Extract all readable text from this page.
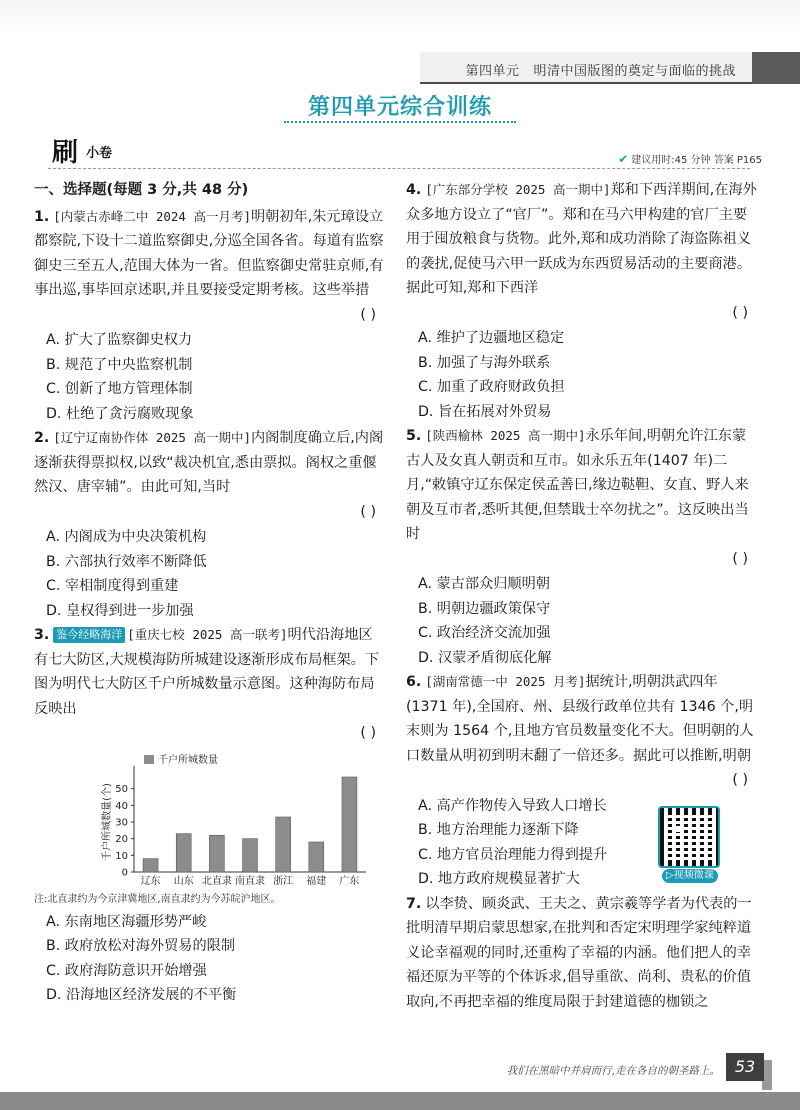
第四单元 明清中国版图的奠定与面临的挑战
第四单元综合训练
刷 小卷	✔ 建议用时:45 分钟 答案 P165
一、选择题(每题 3 分,共 48 分)
1. [内蒙古赤峰二中 2024 高一月考]明朝初年,朱元璋设立都察院,下设十二道监察御史,分巡全国各省。每道有监察御史三至五人,范围大体为一省。但监察御史常驻京师,有事出巡,事毕回京述职,并且要接受定期考核。这些举措
( )
A. 扩大了监察御史权力
B. 规范了中央监察机制
C. 创新了地方管理体制
D. 杜绝了贪污腐败现象
2. [辽宁辽南协作体 2025 高一期中]内阁制度确立后,内阁逐渐获得票拟权,以致“裁决机宜,悉由票拟。阁权之重偃然汉、唐宰辅”。由此可知,当时
( )
A. 内阁成为中央决策机构
B. 六部执行效率不断降低
C. 宰相制度得到重建
D. 皇权得到进一步加强
3. 鉴今经略海洋 [重庆七校 2025 高一联考]明代沿海地区有七大防区,大规模海防所城建设逐渐形成布局框架。下图为明代七大防区千户所城数量示意图。这种海防布局反映出
( )
0
10
20
30
40
50
千户所城数量(个)
千户所城数量
辽东 山东 北直隶 南直隶 浙江 福建 广东
注:北直隶约为今京津冀地区,南直隶约为今苏皖沪地区。
A. 东南地区海疆形势严峻
B. 政府放松对海外贸易的限制
C. 政府海防意识开始增强
D. 沿海地区经济发展的不平衡
4. [广东部分学校 2025 高一期中]郑和下西洋期间,在海外众多地方设立了“官厂”。郑和在马六甲构建的官厂主要用于囤放粮食与货物。此外,郑和成功消除了海盗陈祖义的袭扰,促使马六甲一跃成为东西贸易活动的主要商港。据此可知,郑和下西洋
( )
A. 维护了边疆地区稳定
B. 加强了与海外联系
C. 加重了政府财政负担
D. 旨在拓展对外贸易
5. [陕西榆林 2025 高一期中]永乐年间,明朝允许江东蒙古人及女真人朝贡和互市。如永乐五年(1407 年)二月,“敕镇守辽东保定侯孟善曰,缘边鞑靼、女直、野人来朝及互市者,悉听其便,但禁戢士卒勿扰之”。这反映出当时
( )
A. 蒙古部众归顺明朝
B. 明朝边疆政策保守
C. 政治经济交流加强
D. 汉蒙矛盾彻底化解
6. [湖南常德一中 2025 月考]据统计,明朝洪武四年(1371 年),全国府、州、县级行政单位共有 1346 个,明末则为 1564 个,且地方官员数量变化不大。但明朝的人口数量从明初到明末翻了一倍还多。据此可以推断,明朝
( )
A. 高产作物传入导致人口增长
B. 地方治理能力逐渐下降
C. 地方官员治理能力得到提升
D. 地方政府规模显著扩大
7. 以李贽、顾炎武、王夫之、黄宗羲等学者为代表的一批明清早期启蒙思想家,在批判和否定宋明理学家纯粹道义论幸福观的同时,还重构了幸福的内涵。他们把人的幸福还原为平等的个体诉求,倡导重欲、尚利、贵私的价值取向,不再把幸福的维度局限于封建道德的枷锁之
▷视频微课
我们在黑暗中并肩而行,走在各自的朝圣路上。 53
